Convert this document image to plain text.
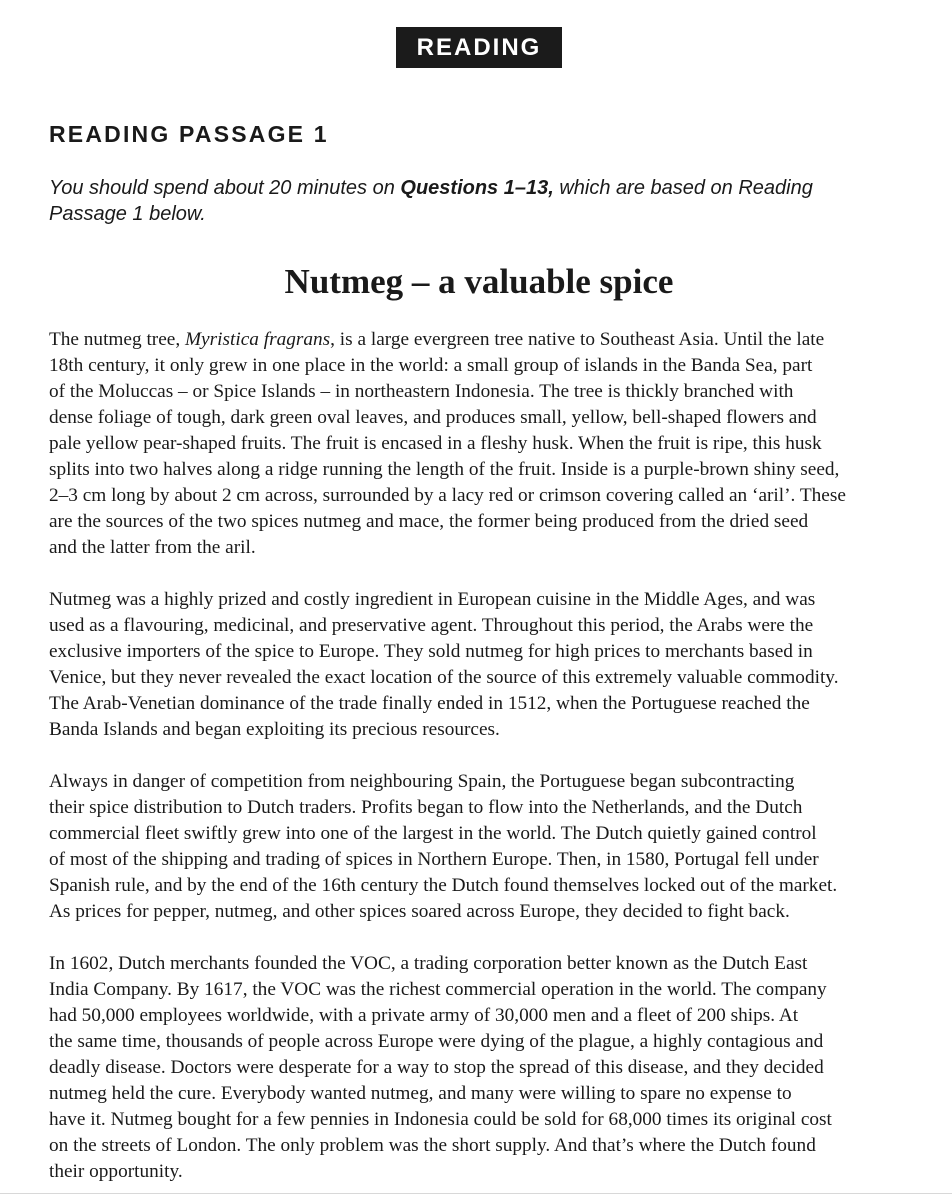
READING
READING PASSAGE 1
You should spend about 20 minutes on Questions 1–13, which are based on Reading
Passage 1 below.
Nutmeg – a valuable spice
The nutmeg tree, Myristica fragrans, is a large evergreen tree native to Southeast Asia. Until the late
18th century, it only grew in one place in the world: a small group of islands in the Banda Sea, part
of the Moluccas – or Spice Islands – in northeastern Indonesia. The tree is thickly branched with
dense foliage of tough, dark green oval leaves, and produces small, yellow, bell-shaped flowers and
pale yellow pear-shaped fruits. The fruit is encased in a fleshy husk. When the fruit is ripe, this husk
splits into two halves along a ridge running the length of the fruit. Inside is a purple-brown shiny seed,
2–3 cm long by about 2 cm across, surrounded by a lacy red or crimson covering called an ‘aril’. These
are the sources of the two spices nutmeg and mace, the former being produced from the dried seed
and the latter from the aril.
Nutmeg was a highly prized and costly ingredient in European cuisine in the Middle Ages, and was
used as a flavouring, medicinal, and preservative agent. Throughout this period, the Arabs were the
exclusive importers of the spice to Europe. They sold nutmeg for high prices to merchants based in
Venice, but they never revealed the exact location of the source of this extremely valuable commodity.
The Arab-Venetian dominance of the trade finally ended in 1512, when the Portuguese reached the
Banda Islands and began exploiting its precious resources.
Always in danger of competition from neighbouring Spain, the Portuguese began subcontracting
their spice distribution to Dutch traders. Profits began to flow into the Netherlands, and the Dutch
commercial fleet swiftly grew into one of the largest in the world. The Dutch quietly gained control
of most of the shipping and trading of spices in Northern Europe. Then, in 1580, Portugal fell under
Spanish rule, and by the end of the 16th century the Dutch found themselves locked out of the market.
As prices for pepper, nutmeg, and other spices soared across Europe, they decided to fight back.
In 1602, Dutch merchants founded the VOC, a trading corporation better known as the Dutch East
India Company. By 1617, the VOC was the richest commercial operation in the world. The company
had 50,000 employees worldwide, with a private army of 30,000 men and a fleet of 200 ships. At
the same time, thousands of people across Europe were dying of the plague, a highly contagious and
deadly disease. Doctors were desperate for a way to stop the spread of this disease, and they decided
nutmeg held the cure. Everybody wanted nutmeg, and many were willing to spare no expense to
have it. Nutmeg bought for a few pennies in Indonesia could be sold for 68,000 times its original cost
on the streets of London. The only problem was the short supply. And that’s where the Dutch found
their opportunity.
